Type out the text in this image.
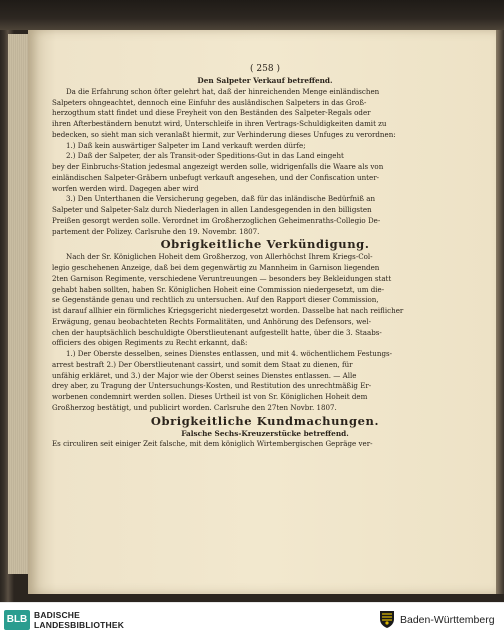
( 258 )
Den Salpeter Verkauf betreffend.
Da die Erfahrung schon öfter gelehrt hat, daß der hinreichenden Menge einländischen
Salpeters ohngeachtet, dennoch eine Einfuhr des ausländischen Salpeters in das Groß-
herzogthum statt findet und diese Freyheit von den Beständen des Salpeter-Regals oder
ihren Afterbeständern benutzt wird, Unterschleife in ihren Vertrags-Schuldigkeiten damit zu
bedecken, so sieht man sich veranlaßt hiermit, zur Verhinderung dieses Unfuges zu verordnen:
1.) Daß kein auswärtiger Salpeter im Land verkauft werden dürfe;
2.) Daß der Salpeter, der als Transit-oder Speditions-Gut in das Land eingeht
bey der Einbruchs-Station jedesmal angezeigt werden solle, widrigenfalls die Waare als von
einländischen Salpeter-Gräbern unbefugt verkauft angesehen, und der Confiscation unter-
worfen werden wird. Dagegen aber wird
3.) Den Unterthanen die Versicherung gegeben, daß für das inländische Bedürfniß an
Salpeter und Salpeter-Salz durch Niederlagen in allen Landesgegenden in den billigsten
Preißen gesorgt werden solle. Verordnet im Großherzoglichen Geheimenraths-Collegio De-
partement der Polizey. Carlsruhe den 19. Novembr. 1807.
Obrigkeitliche Verkündigung.
Nach der Sr. Königlichen Hoheit dem Großherzog, von Allerhöchst Ihrem Kriegs-Col-
legio geschehenen Anzeige, daß bei dem gegenwärtig zu Mannheim in Garnison liegenden
2ten Garnison Regimente, verschiedene Veruntreuungen — besonders bey Bekleidungen statt
gehabt haben sollten, haben Sr. Königlichen Hoheit eine Commission niedergesetzt, um die-
se Gegenstände genau und rechtlich zu untersuchen. Auf den Rapport dieser Commission,
ist darauf allhier ein förmliches Kriegsgericht niedergesetzt worden. Dasselbe hat nach reiflicher
Erwägung, genau beobachteten Rechts Formalitäten, und Anhörung des Defensors, wel-
chen der hauptsächlich beschuldigte Oberstlieutenant aufgestellt hatte, über die 3. Staabs-
officiers des obigen Regiments zu Recht erkannt, daß:
1.) Der Oberste desselben, seines Dienstes entlassen, und mit 4. wöchentlichem Festungs-
arrest bestraft 2.) Der Oberstlieutenant cassirt, und somit dem Staat zu dienen, für
unfähig erkläret, und 3.) der Major wie der Oberst seines Dienstes entlassen. — Alle
drey aber, zu Tragung der Untersuchungs-Kosten, und Restitution des unrechtmäßig Er-
worbenen condemnirt werden sollen. Dieses Urtheil ist von Sr. Königlichen Hoheit dem
Großherzog bestätigt, und publicirt worden. Carlsruhe den 27ten Novbr. 1807.
Obrigkeitliche Kundmachungen.
Falsche Sechs-Kreuzerstücke betreffend.
Es circuliren seit einiger Zeit falsche, mit dem königlich Wirtembergischen Gepräge ver-
BLB BADISCHE
LANDESBIBLIOTHEK	Baden-Württemberg
